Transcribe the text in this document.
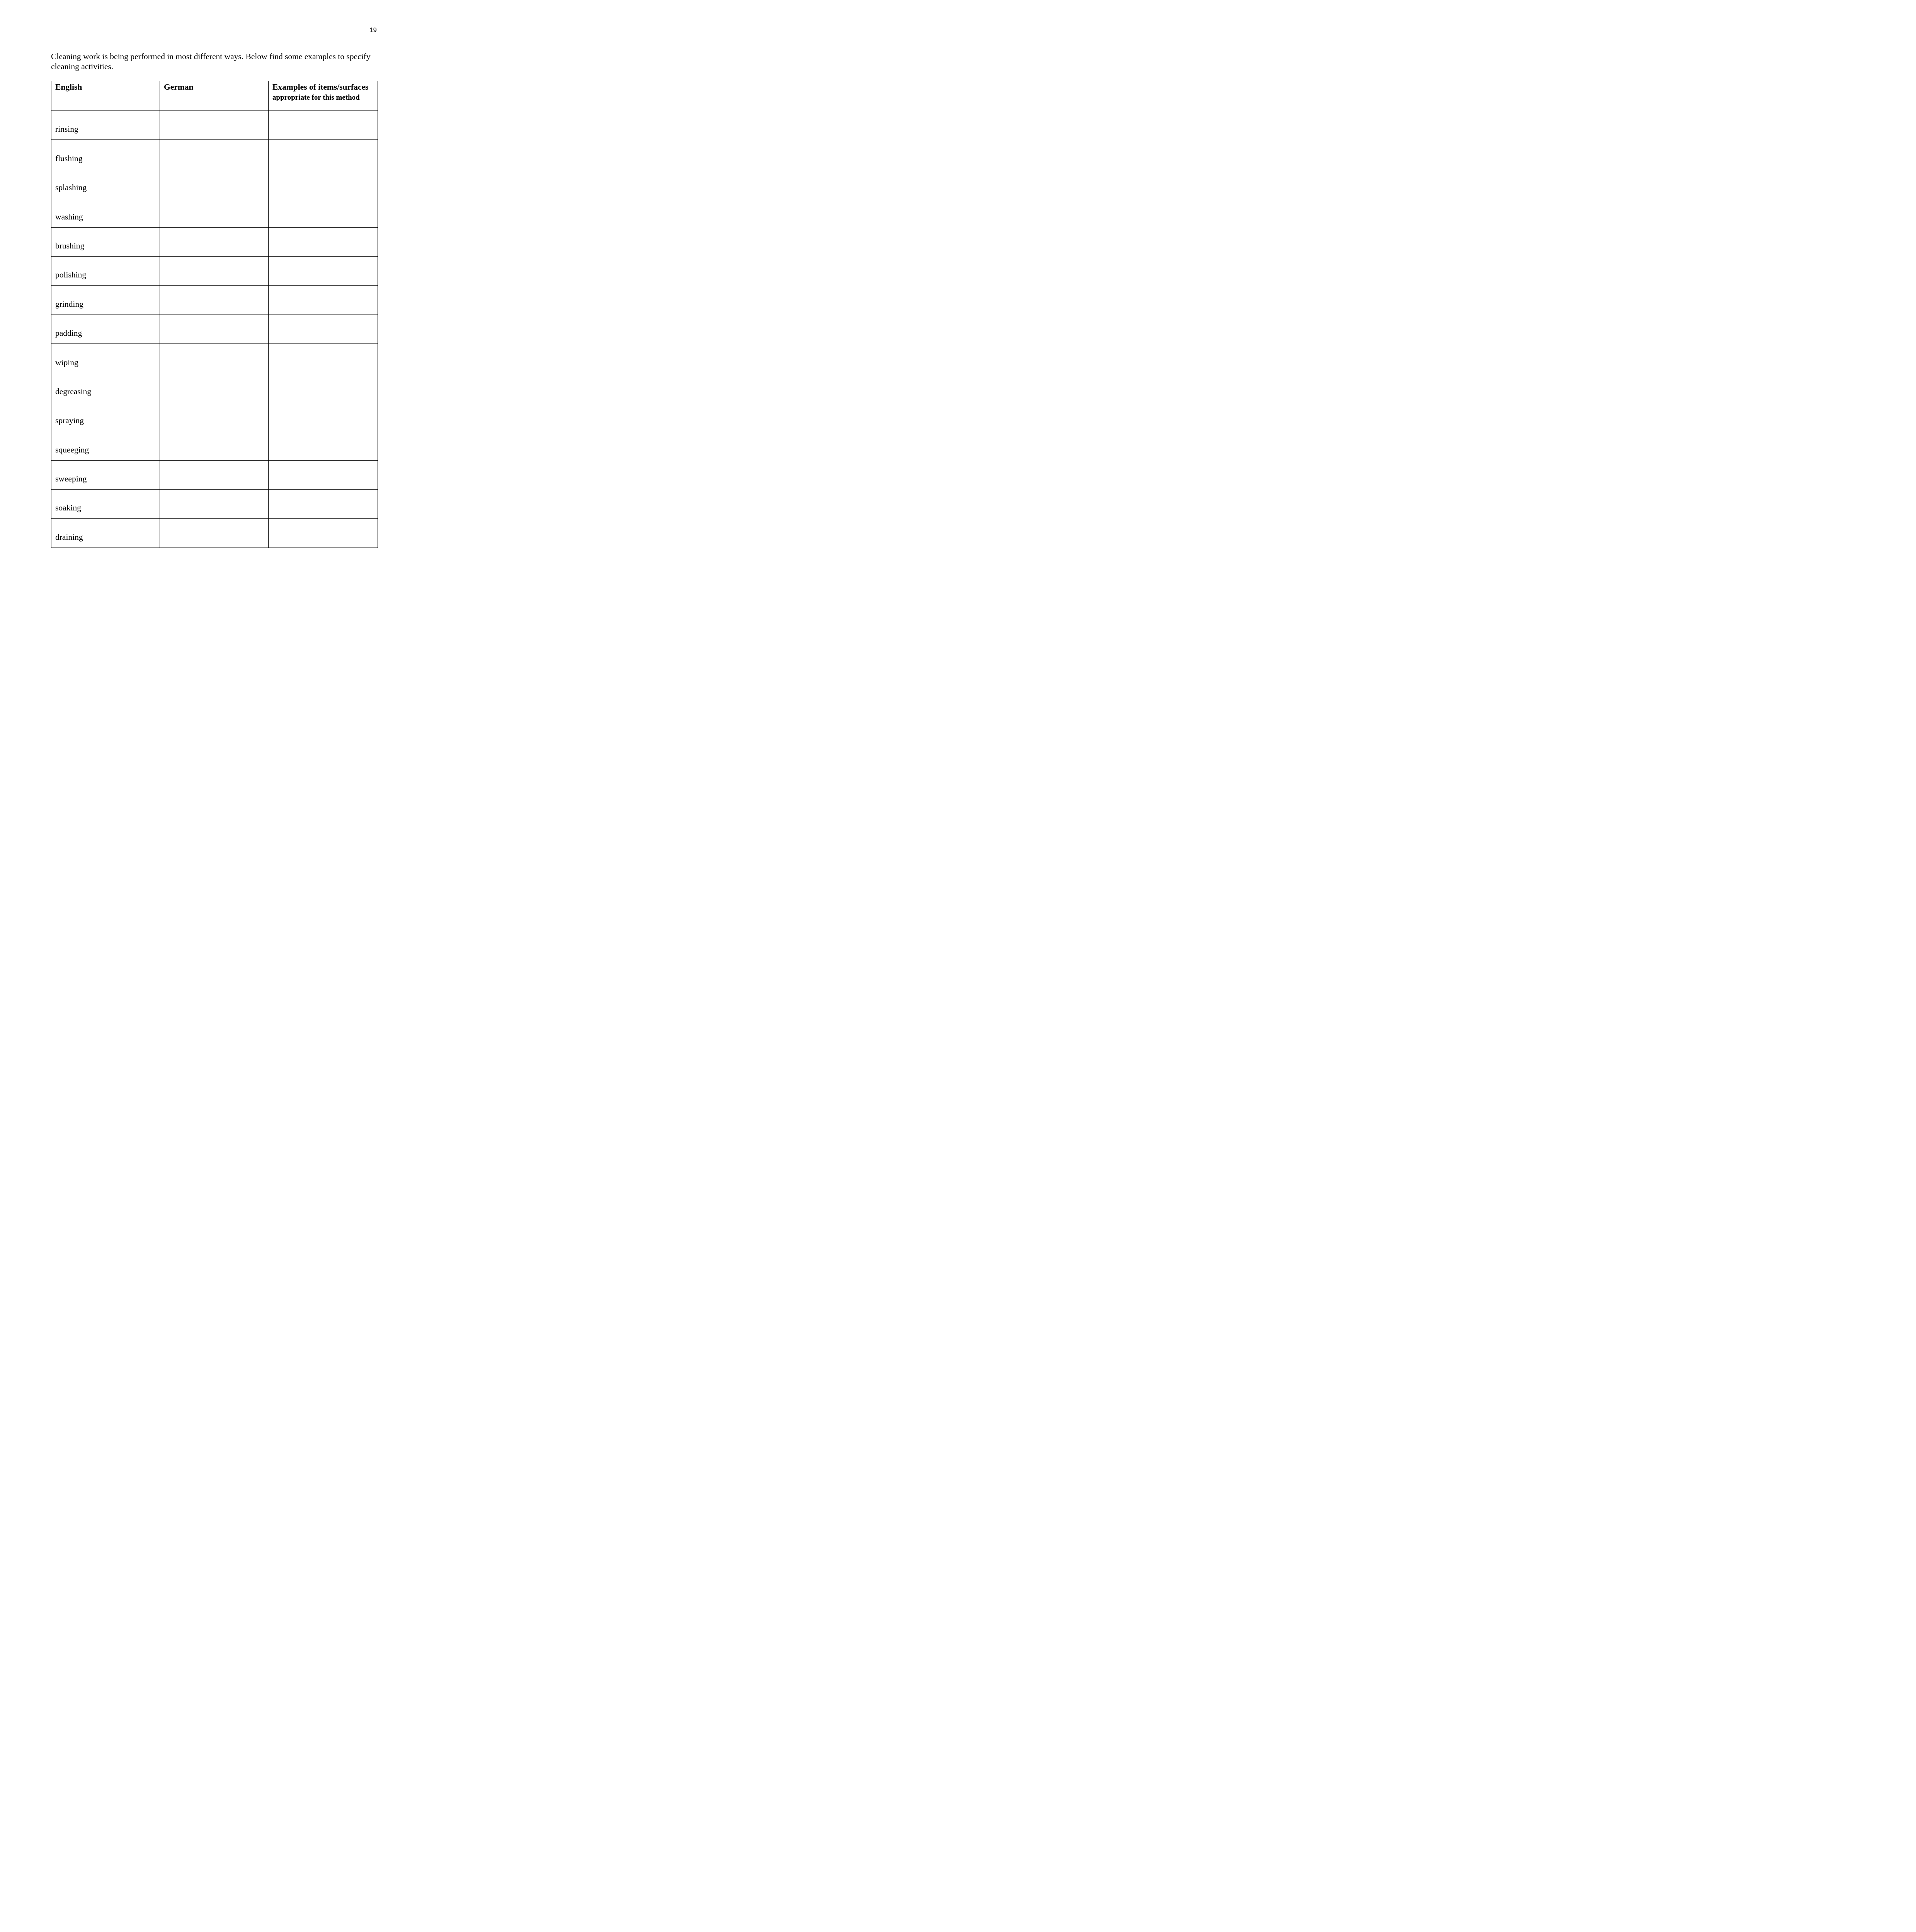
19

Cleaning work is being performed in most different ways. Below find some examples to specify cleaning activities.

English	German	Examples of items/surfaces
appropriate for this method

rinsing		
flushing		
splashing		
washing		
brushing		
polishing		
grinding		
padding		
wiping		
degreasing		
spraying		
squeeging		
sweeping		
soaking		
draining		
